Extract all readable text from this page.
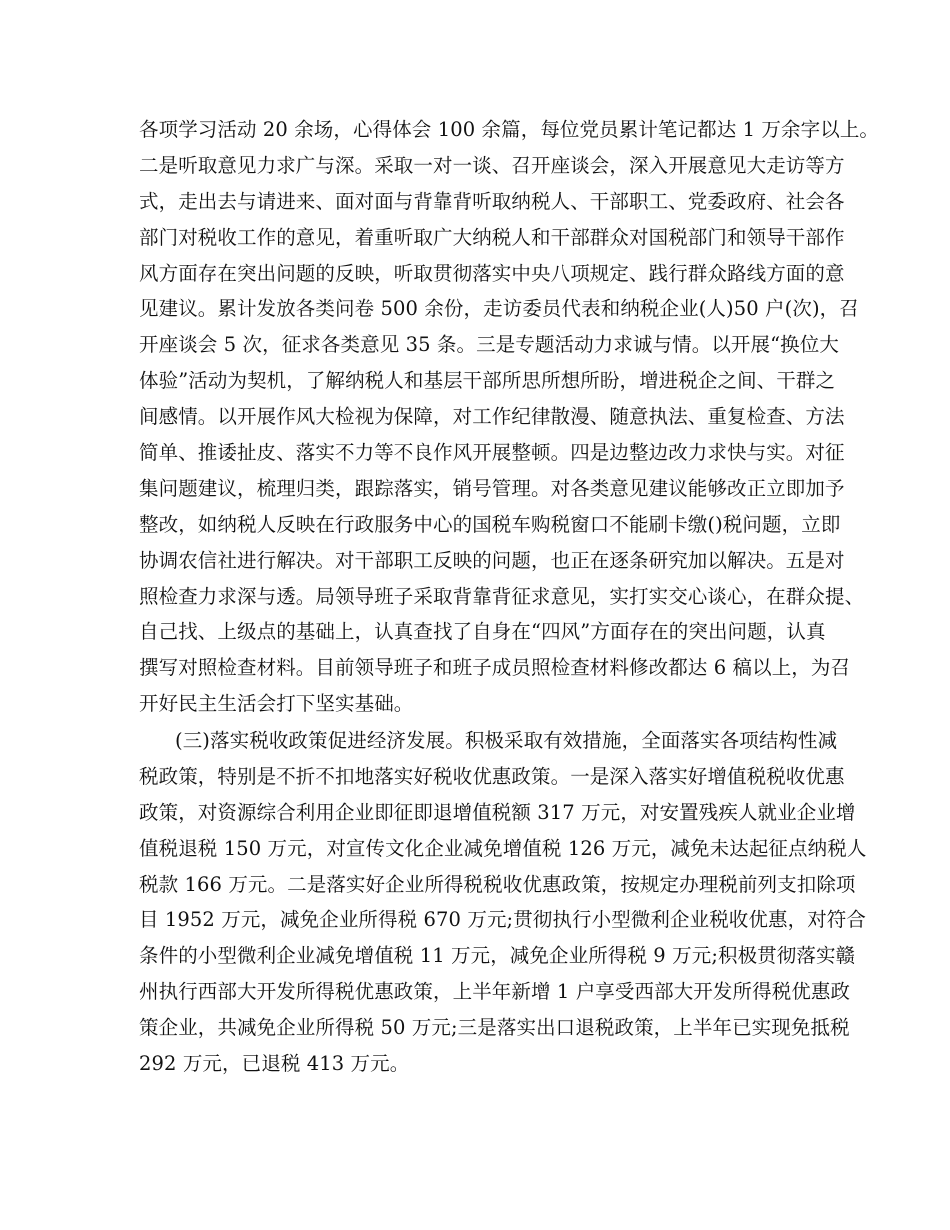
各项学习活动 20 余场，心得体会 100 余篇，每位党员累计笔记都达 1 万余字以上。
二是听取意见力求广与深。采取一对一谈、召开座谈会，深入开展意见大走访等方
式，走出去与请进来、面对面与背靠背听取纳税人、干部职工、党委政府、社会各
部门对税收工作的意见，着重听取广大纳税人和干部群众对国税部门和领导干部作
风方面存在突出问题的反映，听取贯彻落实中央八项规定、践行群众路线方面的意
见建议。累计发放各类问卷 500 余份，走访委员代表和纳税企业(人)50 户(次)，召
开座谈会 5 次，征求各类意见 35 条。三是专题活动力求诚与情。以开展“换位大
体验”活动为契机，了解纳税人和基层干部所思所想所盼，增进税企之间、干群之
间感情。以开展作风大检视为保障，对工作纪律散漫、随意执法、重复检查、方法
简单、推诿扯皮、落实不力等不良作风开展整顿。四是边整边改力求快与实。对征
集问题建议，梳理归类，跟踪落实，销号管理。对各类意见建议能够改正立即加予
整改，如纳税人反映在行政服务中心的国税车购税窗口不能刷卡缴()税问题，立即
协调农信社进行解决。对干部职工反映的问题，也正在逐条研究加以解决。五是对
照检查力求深与透。局领导班子采取背靠背征求意见，实打实交心谈心，在群众提、
自己找、上级点的基础上，认真查找了自身在“四风”方面存在的突出问题，认真
撰写对照检查材料。目前领导班子和班子成员照检查材料修改都达 6 稿以上，为召
开好民主生活会打下坚实基础。
(三)落实税收政策促进经济发展。积极采取有效措施，全面落实各项结构性减
税政策，特别是不折不扣地落实好税收优惠政策。一是深入落实好增值税税收优惠
政策，对资源综合利用企业即征即退增值税额 317 万元，对安置残疾人就业企业增
值税退税 150 万元，对宣传文化企业减免增值税 126 万元，减免未达起征点纳税人
税款 166 万元。二是落实好企业所得税税收优惠政策，按规定办理税前列支扣除项
目 1952 万元，减免企业所得税 670 万元;贯彻执行小型微利企业税收优惠，对符合
条件的小型微利企业减免增值税 11 万元，减免企业所得税 9 万元;积极贯彻落实赣
州执行西部大开发所得税优惠政策，上半年新增 1 户享受西部大开发所得税优惠政
策企业，共减免企业所得税 50 万元;三是落实出口退税政策，上半年已实现免抵税
292 万元，已退税 413 万元。
